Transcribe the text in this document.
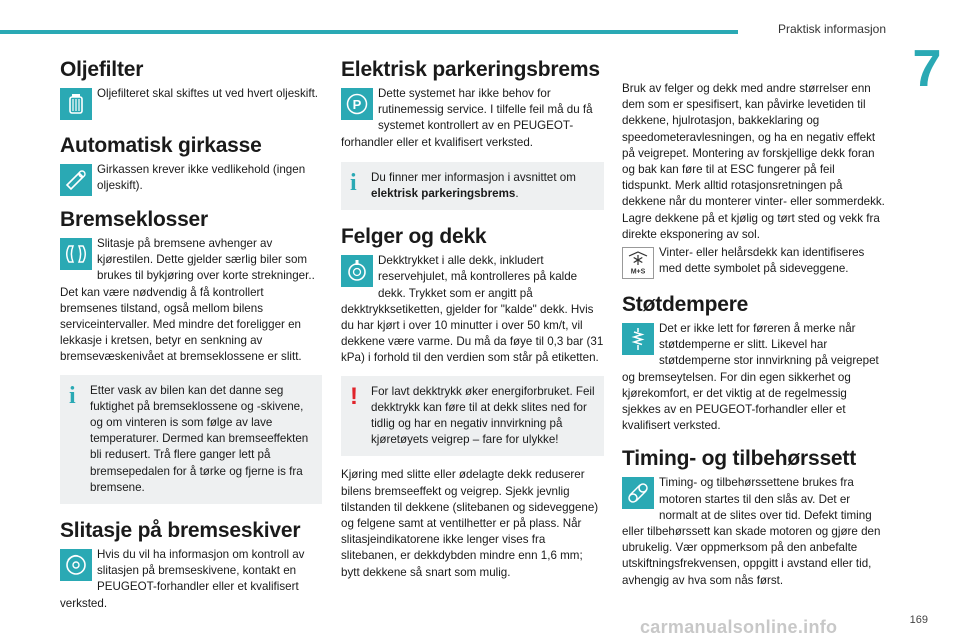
Praktisk informasjon
7
Oljefilter

Oljefilteret skal skiftes ut ved hvert oljeskift.

Automatisk girkasse

Girkassen krever ikke vedlikehold (ingen oljeskift).

Bremseklosser

Slitasje på bremsene avhenger av kjørestilen. Dette gjelder særlig biler som brukes til bykjøring over korte strekninger.. Det kan være nødvendig å få kontrollert bremsenes tilstand, også mellom bilens serviceintervaller. Med mindre det foreligger en lekkasje i kretsen, betyr en senkning av bremsevæskenivået at bremseklossene er slitt.

i Etter vask av bilen kan det danne seg fuktighet på bremseklossene og -skivene, og om vinteren is som følge av lave temperaturer. Dermed kan bremseeffekten bli redusert. Trå flere ganger lett på bremsepedalen for å tørke og fjerne is fra bremsene.

Slitasje på bremseskiver

Hvis du vil ha informasjon om kontroll av slitasjen på bremseskivene, kontakt en PEUGEOT-forhandler eller et kvalifisert verksted.

Elektrisk parkeringsbrems
P

Dette systemet har ikke behov for rutinemessig service. I tilfelle feil må du få systemet kontrollert av en PEUGEOT-forhandler eller et kvalifisert verksted.

i Du finner mer informasjon i avsnittet om elektrisk parkeringsbrems.

Felger og dekk

Dekktrykket i alle dekk, inkludert reservehjulet, må kontrolleres på kalde dekk. Trykket som er angitt på dekktrykksetiketten, gjelder for "kalde" dekk. Hvis du har kjørt i over 10 minutter i over 50 km/t, vil dekkene være varme. Du må da føye til 0,3 bar (31 kPa) i forhold til den verdien som står på etiketten.

! For lavt dekktrykk øker energiforbruket. Feil dekktrykk kan føre til at dekk slites ned for tidlig og har en negativ innvirkning på kjøretøyets veigrep – fare for ulykke!

Kjøring med slitte eller ødelagte dekk reduserer bilens bremseeffekt og veigrep. Sjekk jevnlig tilstanden til dekkene (slitebanen og sideveggene) og felgene samt at ventilhetter er på plass. Når slitasjeindikatorene ikke lenger vises fra slitebanen, er dekkdybden mindre enn 1,6 mm; bytt dekkene så snart som mulig.

Bruk av felger og dekk med andre størrelser enn dem som er spesifisert, kan påvirke levetiden til dekkene, hjulrotasjon, bakkeklaring og speedometeravlesningen, og ha en negativ effekt på veigrepet. Montering av forskjellige dekk foran og bak kan føre til at ESC fungerer på feil tidspunkt. Merk alltid rotasjonsretningen på dekkene når du monterer vinter- eller sommerdekk. Lagre dekkene på et kjølig og tørt sted og vekk fra direkte eksponering av sol.

M+S

Vinter- eller helårsdekk kan identifiseres med dette symbolet på sideveggene.

Støtdempere

Det er ikke lett for føreren å merke når støtdemperne er slitt. Likevel har støtdemperne stor innvirkning på veigrepet og bremseytelsen. For din egen sikkerhet og kjørekomfort, er det viktig at de regelmessig sjekkes av en PEUGEOT-forhandler eller et kvalifisert verksted.

Timing- og tilbehørssett

Timing- og tilbehørssettene brukes fra motoren startes til den slås av. Det er normalt at de slites over tid. Defekt timing eller tilbehørssett kan skade motoren og gjøre den ubrukelig. Vær oppmerksom på den anbefalte utskiftningsfrekvensen, oppgitt i avstand eller tid, avhengig av hva som nås først.

169
carmanualsonline.info
